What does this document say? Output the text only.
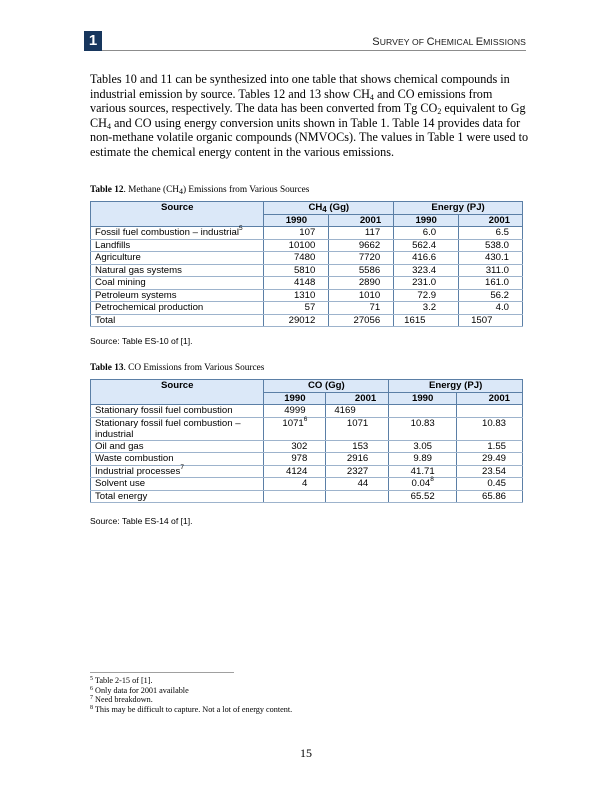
1	SURVEY OF CHEMICAL EMISSIONS

Tables 10 and 11 can be synthesized into one table that shows chemical compounds in industrial emission by source. Tables 12 and 13 show $CH_4$ and CO emissions from various sources, respectively. The data has been converted from Tg $CO_2$ equivalent to Gg $CH_4$ and CO using energy conversion units shown in Table 1. Table 14 provides data for non-methane volatile organic compounds (NMVOCs). The values in Table 1 were used to estimate the chemical energy content in the various emissions.

Table 12. Methane $(CH_4)$ Emissions from Various Sources
Source	$CH_4$ (Gg)		Energy (PJ)	
	1990	2001	1990	2001
Fossil fuel combustion – industrial$^5$	107	117	6.0	6.5
Landfills	10100	9662	562.4	538.0
Agriculture	7480	7720	416.6	430.1
Natural gas systems	5810	5586	323.4	311.0
Coal mining	4148	2890	231.0	161.0
Petroleum systems	1310	1010	72.9	56.2
Petrochemical production	57	71	3.2	4.0
Total	29012	27056	1615	1507
Source: Table ES-10 of [1].
Table 13. CO Emissions from Various Sources
Source	CO (Gg)		Energy (PJ)	
	1990	2001	1990	2001
Stationary fossil fuel combustion	4999	4169		
Stationary fossil fuel combustion – industrial	1071$^6$	1071	10.83	10.83
Oil and gas	302	153	3.05	1.55
Waste combustion	978	2916	9.89	29.49
Industrial processes$^7$	4124	2327	41.71	23.54
Solvent use	4	44	0.04$^8$	0.45
Total energy			65.52	65.86
Source: Table ES-14 of [1].
$^5$ Table 2-15 of [1].
$^6$ Only data for 2001 available
$^7$ Need breakdown.
$^8$ This may be difficult to capture. Not a lot of energy content.
15
